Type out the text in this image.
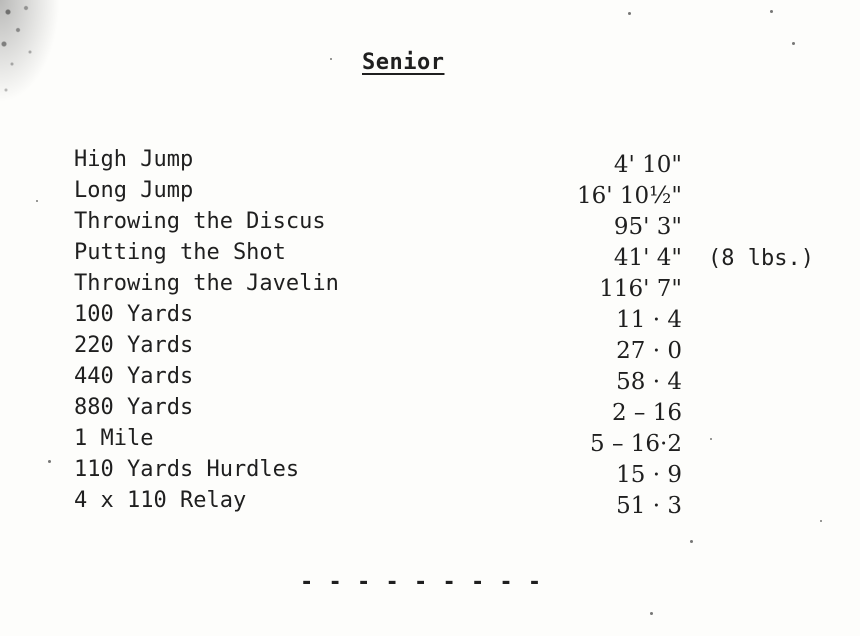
Senior
High Jump
Long Jump
Throwing the Discus
Putting the Shot
Throwing the Javelin
100 Yards
220 Yards
440 Yards
880 Yards
1 Mile
110 Yards Hurdles
4 x 110 Relay
4' 10"
16' 10½"
95' 3"
41' 4" (8 lbs.)
116' 7"
11 · 4
27 · 0
58 · 4
2 – 16
5 – 16·2
15 · 9
51 · 3
- - - - - - - - -
